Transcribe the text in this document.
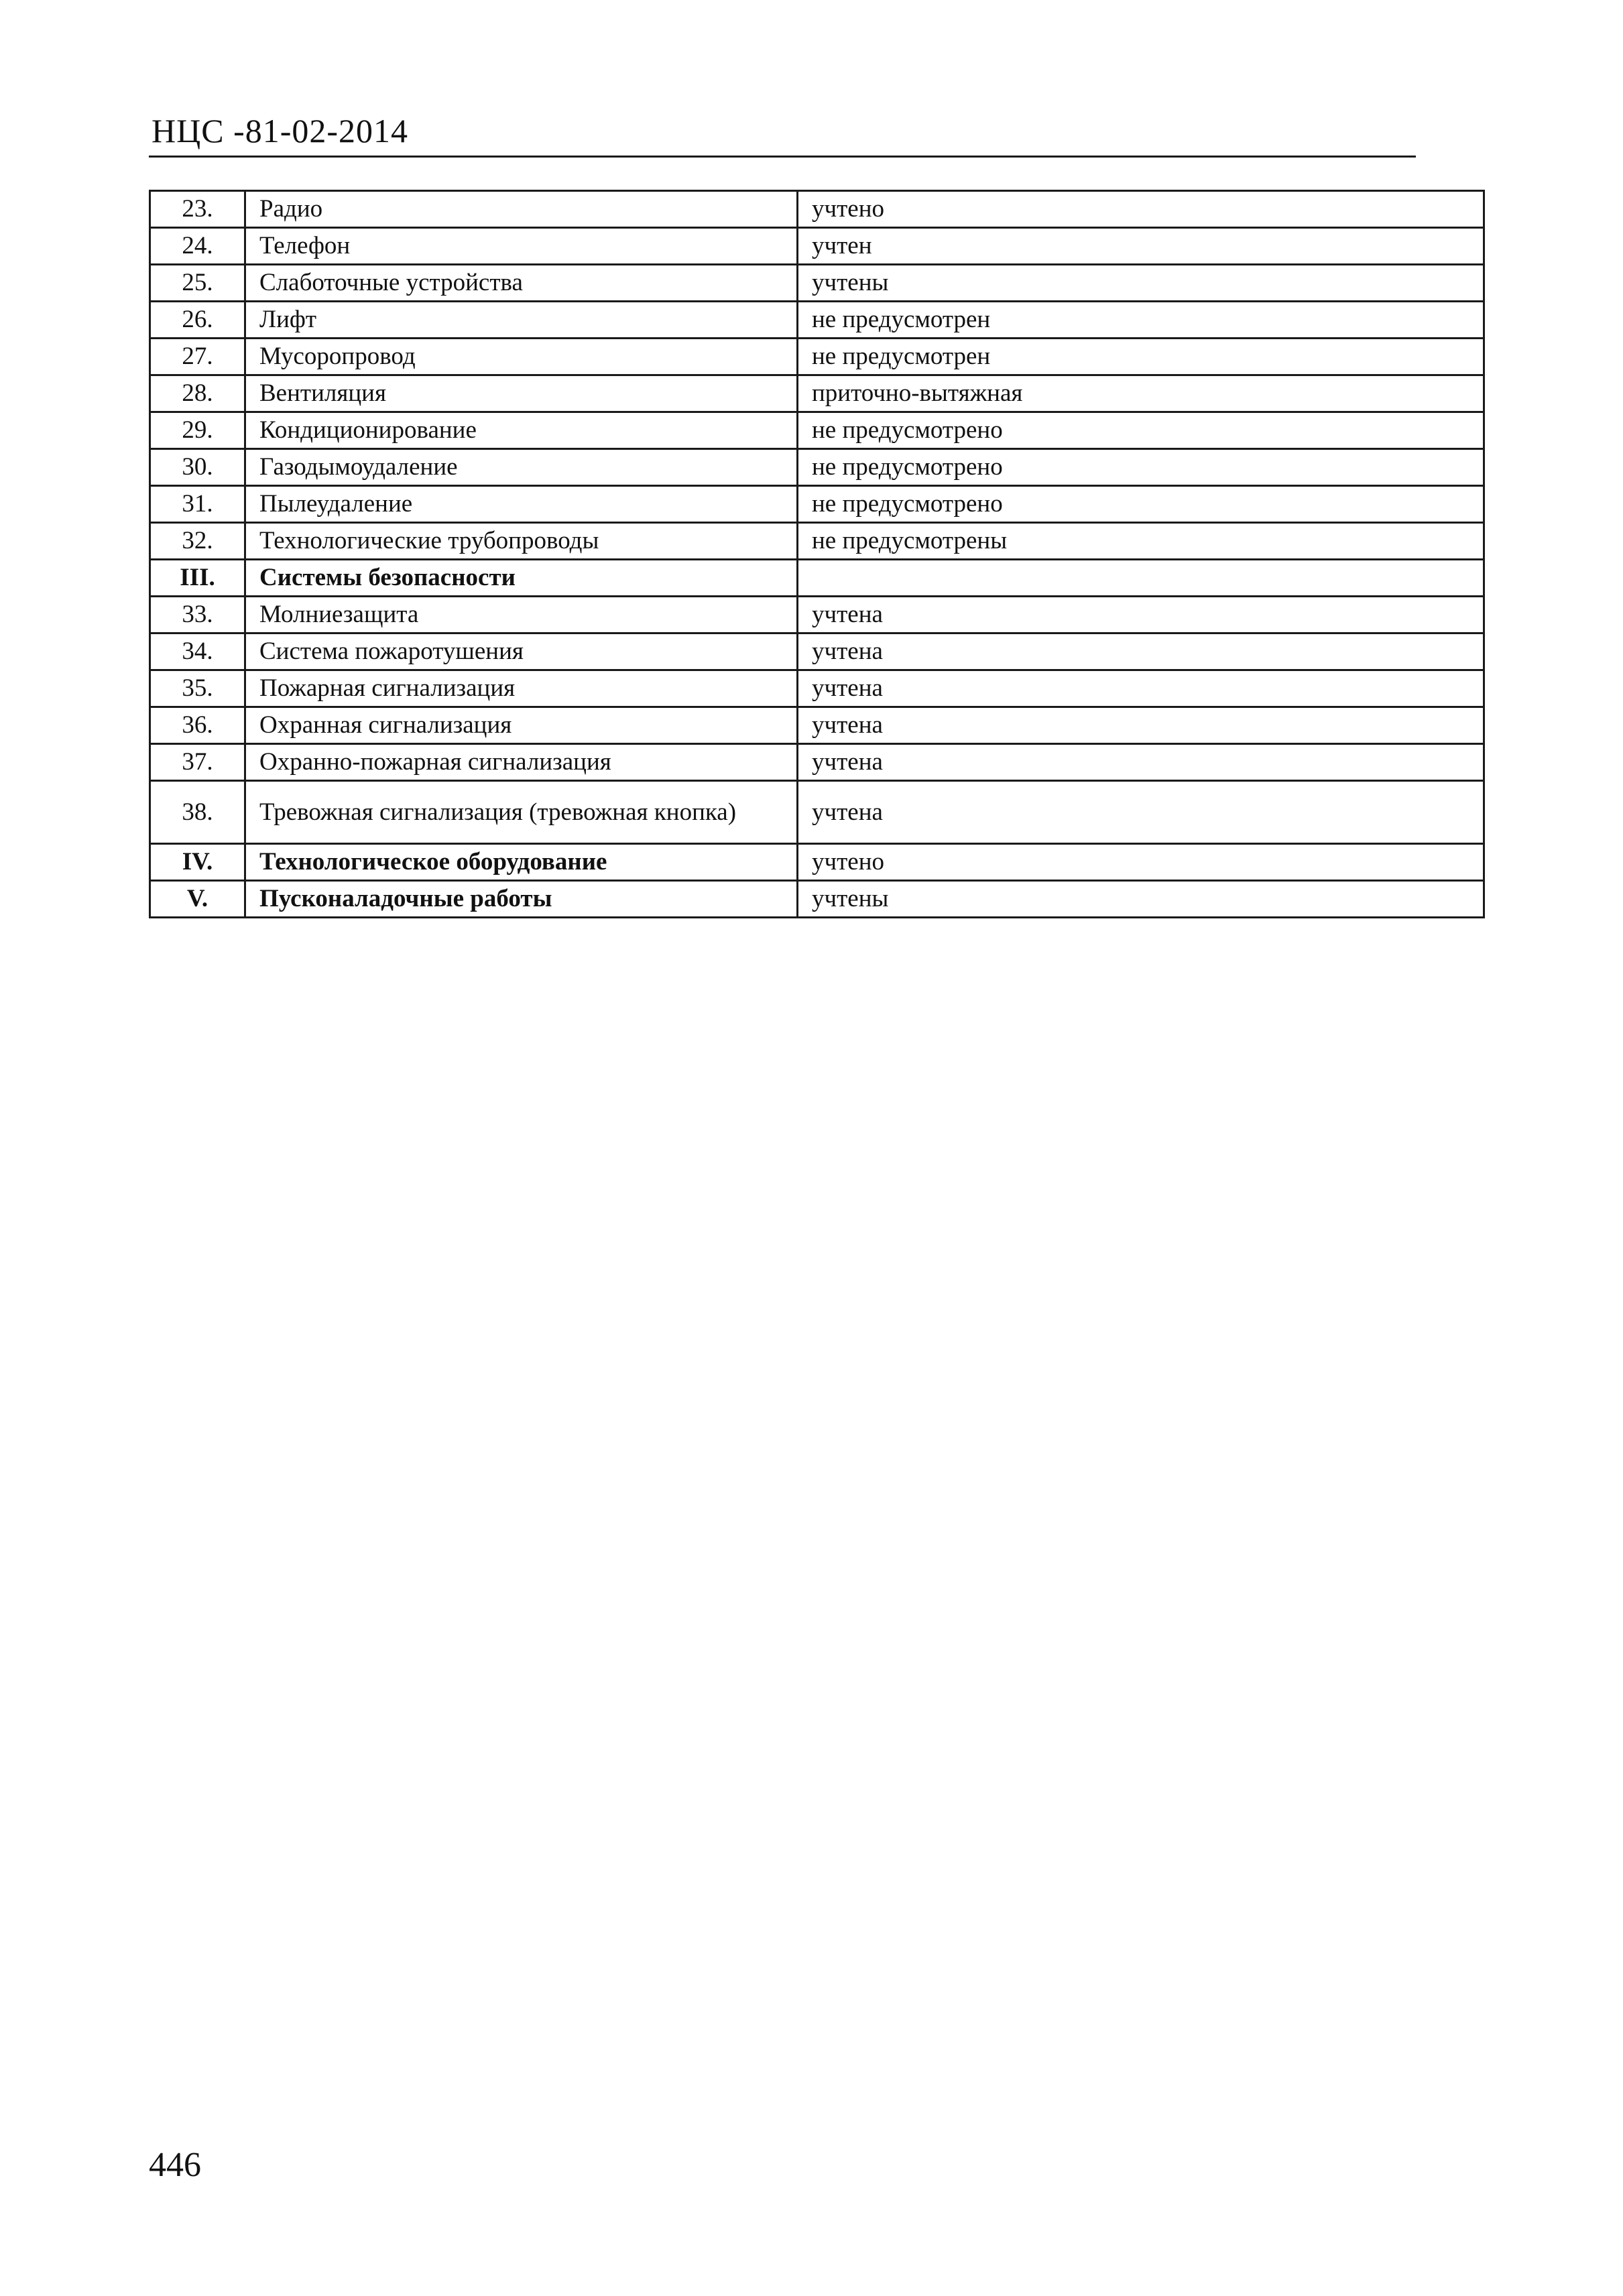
НЦС -81-02-2014
23.	Радио	учтено
24.	Телефон	учтен
25.	Слаботочные устройства	учтены
26.	Лифт	не предусмотрен
27.	Мусоропровод	не предусмотрен
28.	Вентиляция	приточно-вытяжная
29.	Кондиционирование	не предусмотрено
30.	Газодымоудаление	не предусмотрено
31.	Пылеудаление	не предусмотрено
32.	Технологические трубопроводы	не предусмотрены
III.	Системы безопасности	
33.	Молниезащита	учтена
34.	Система пожаротушения	учтена
35.	Пожарная сигнализация	учтена
36.	Охранная сигнализация	учтена
37.	Охранно-пожарная сигнализация	учтена
38.	Тревожная сигнализация (тревожная кнопка)	учтена
IV.	Технологическое оборудование	учтено
V.	Пусконаладочные работы	учтены
446
